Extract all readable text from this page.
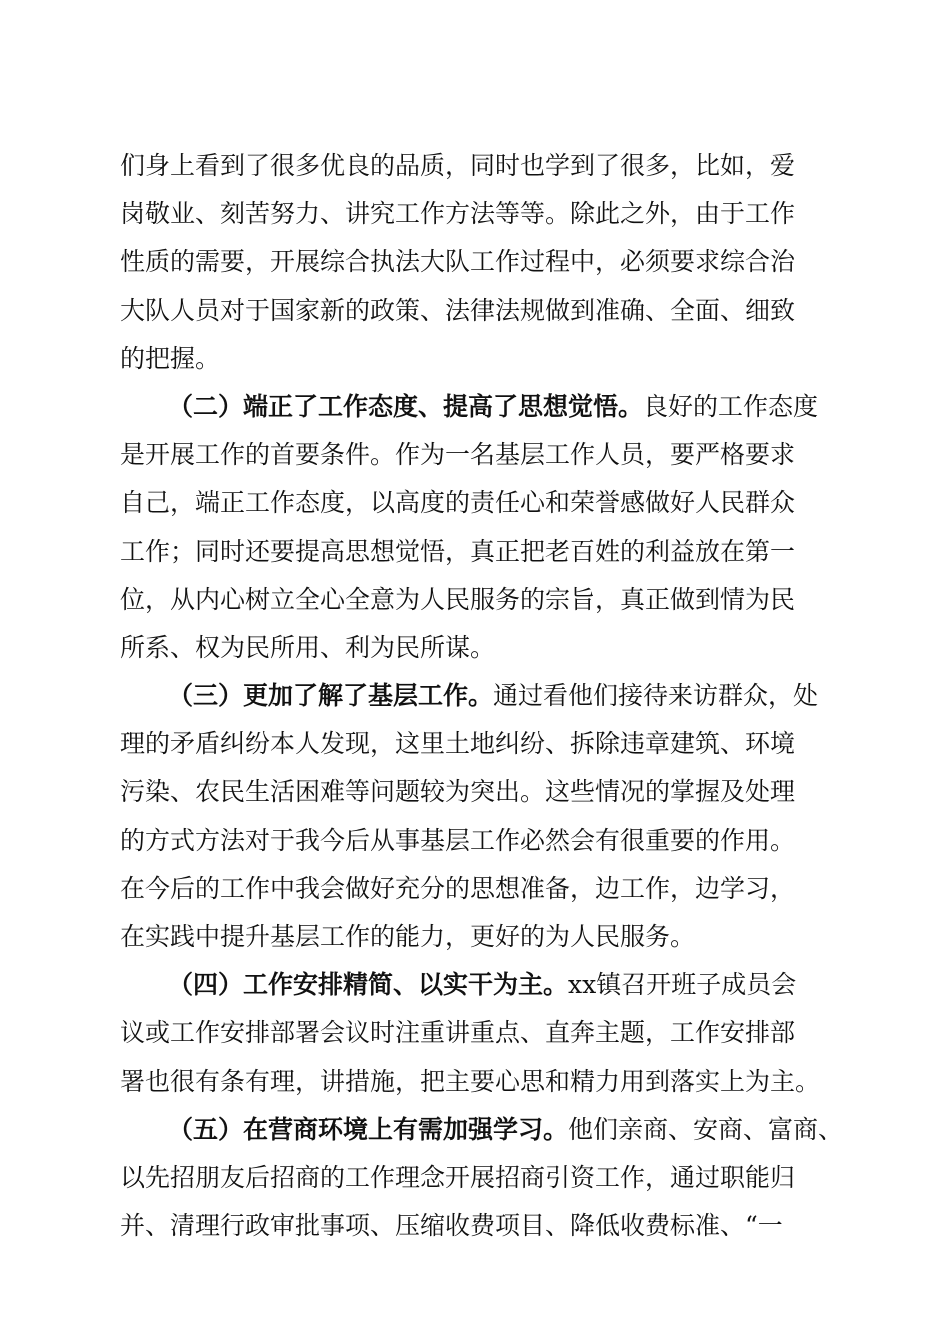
们身上看到了很多优良的品质，同时也学到了很多，比如，爱
岗敬业、刻苦努力、讲究工作方法等等。除此之外，由于工作
性质的需要，开展综合执法大队工作过程中，必须要求综合治
大队人员对于国家新的政策、法律法规做到准确、全面、细致
的把握。
（二）端正了工作态度、提高了思想觉悟。良好的工作态度
是开展工作的首要条件。作为一名基层工作人员，要严格要求
自己，端正工作态度，以高度的责任心和荣誉感做好人民群众
工作；同时还要提高思想觉悟，真正把老百姓的利益放在第一
位，从内心树立全心全意为人民服务的宗旨，真正做到情为民
所系、权为民所用、利为民所谋。
（三）更加了解了基层工作。通过看他们接待来访群众，处
理的矛盾纠纷本人发现，这里土地纠纷、拆除违章建筑、环境
污染、农民生活困难等问题较为突出。这些情况的掌握及处理
的方式方法对于我今后从事基层工作必然会有很重要的作用。
在今后的工作中我会做好充分的思想准备，边工作，边学习，
在实践中提升基层工作的能力，更好的为人民服务。
（四）工作安排精简、以实干为主。xx镇召开班子成员会
议或工作安排部署会议时注重讲重点、直奔主题，工作安排部
署也很有条有理，讲措施，把主要心思和精力用到落实上为主。
（五）在营商环境上有需加强学习。他们亲商、安商、富商、
以先招朋友后招商的工作理念开展招商引资工作，通过职能归
并、清理行政审批事项、压缩收费项目、降低收费标准、“一
